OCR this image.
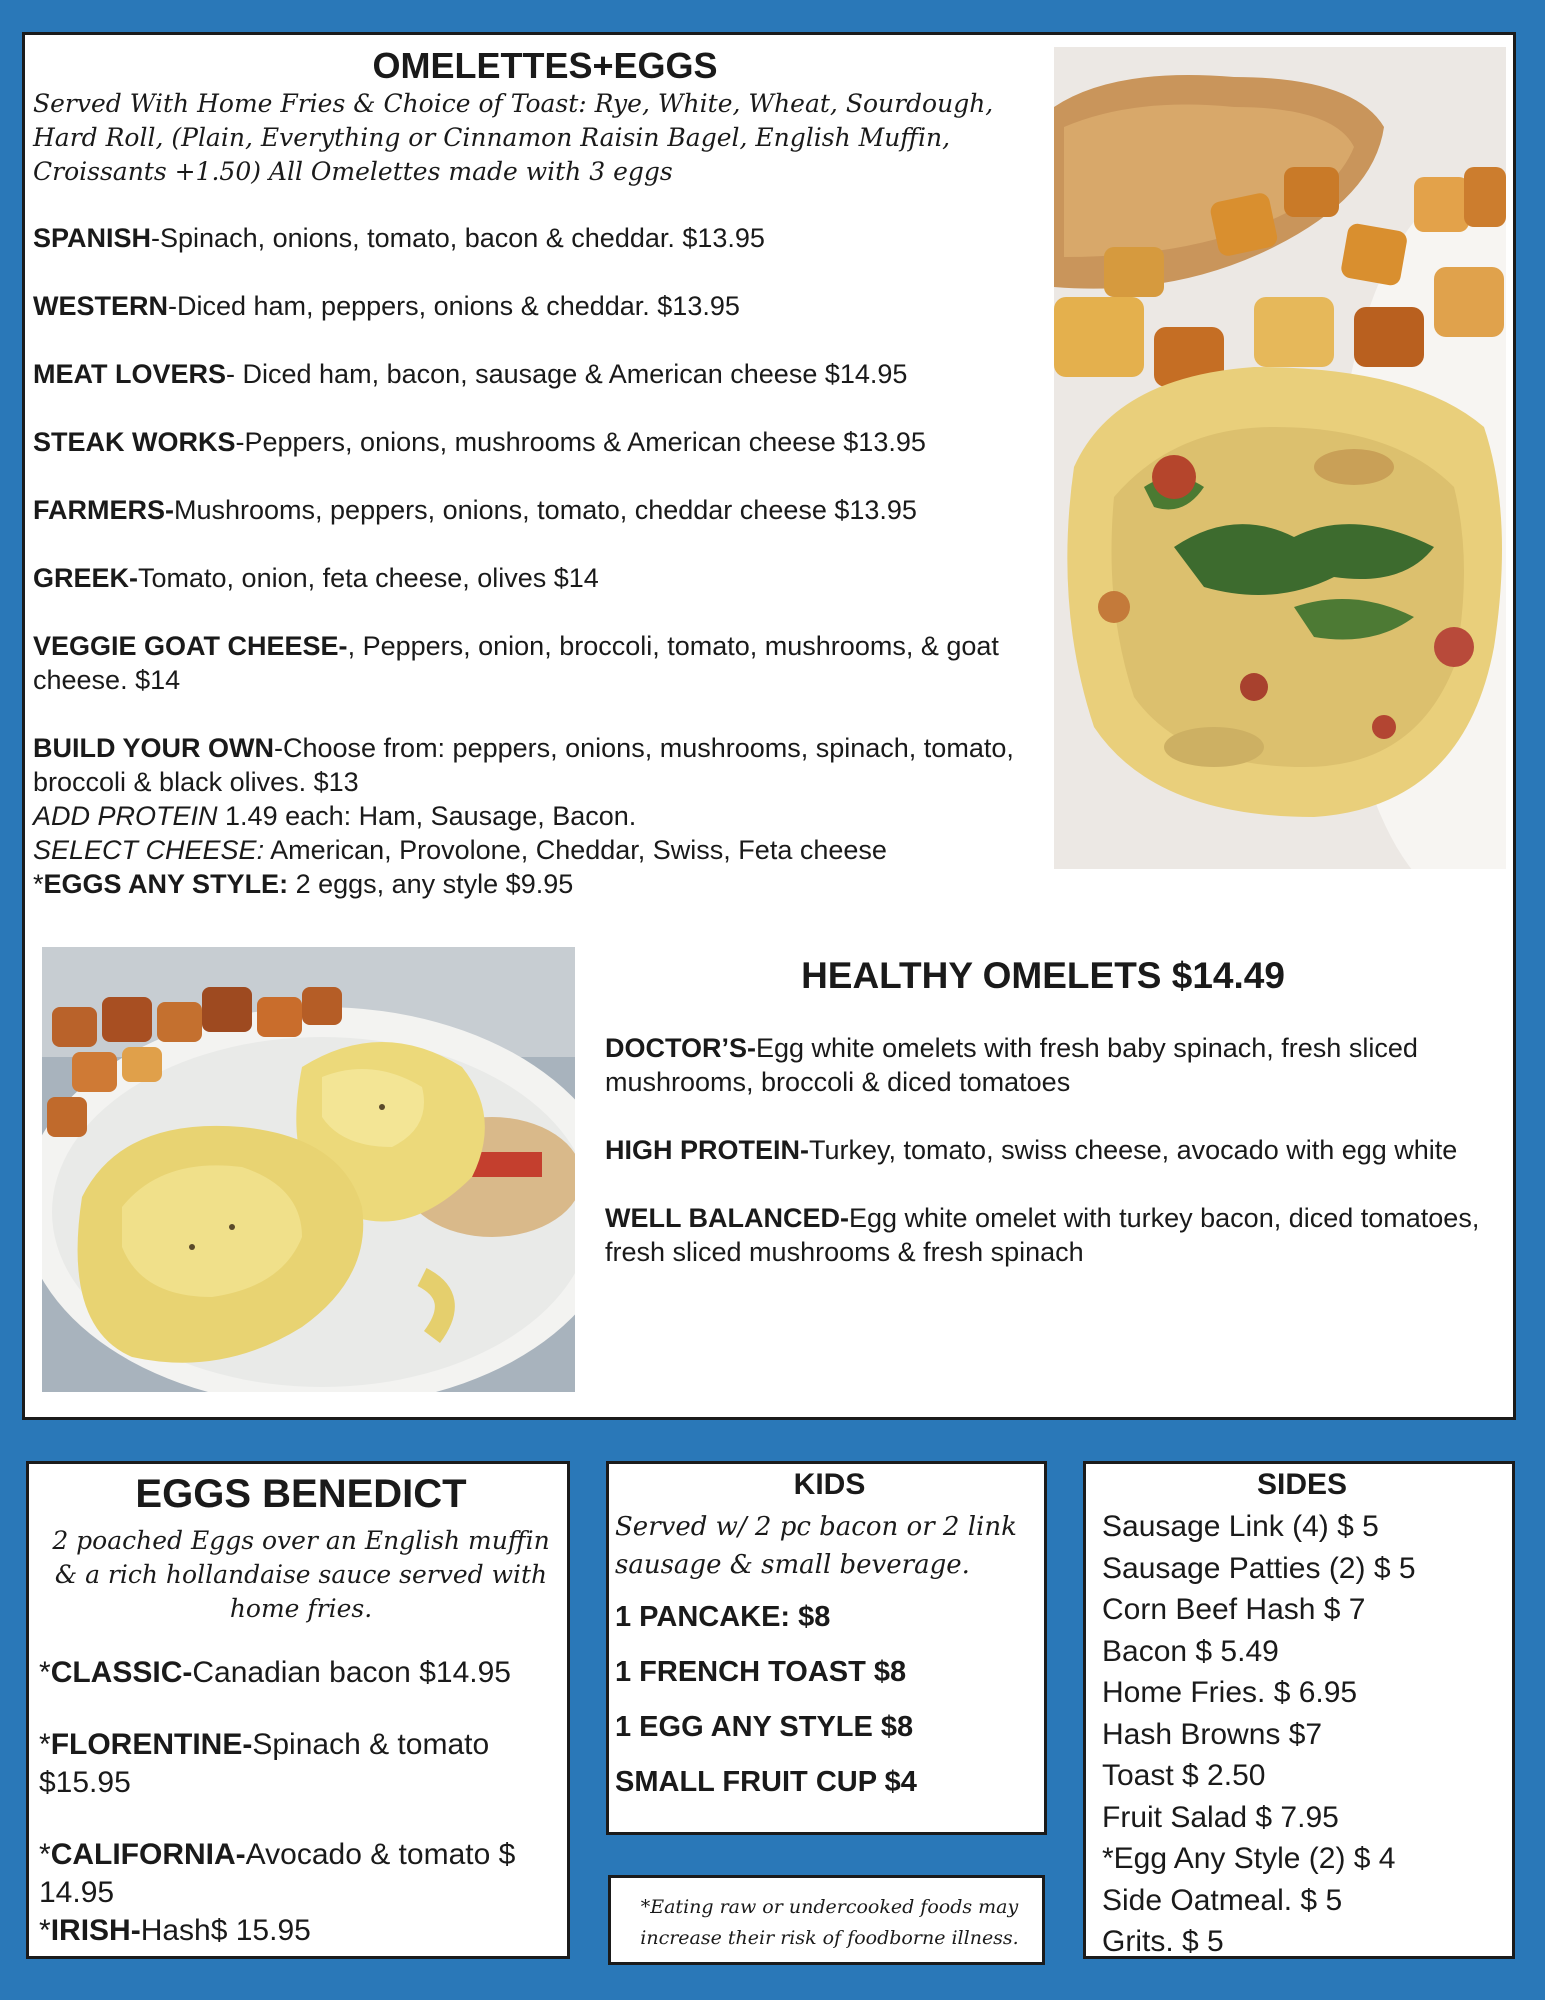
OMELETTES+EGGS
Served With Home Fries & Choice of Toast: Rye, White, Wheat, Sourdough, Hard Roll, (Plain, Everything or Cinnamon Raisin Bagel, English Muffin, Croissants +1.50) All Omelettes made with 3 eggs
SPANISH-Spinach, onions, tomato, bacon & cheddar. $13.95
WESTERN-Diced ham, peppers, onions & cheddar. $13.95
MEAT LOVERS- Diced ham, bacon, sausage & American cheese $14.95
STEAK WORKS-Peppers, onions, mushrooms & American cheese $13.95
FARMERS-Mushrooms, peppers, onions, tomato, cheddar cheese $13.95
GREEK-Tomato, onion, feta cheese, olives $14
VEGGIE GOAT CHEESE-, Peppers, onion, broccoli, tomato, mushrooms, & goat cheese. $14
BUILD YOUR OWN-Choose from: peppers, onions, mushrooms, spinach, tomato, broccoli & black olives. $13
ADD PROTEIN 1.49 each: Ham, Sausage, Bacon.
SELECT CHEESE: American, Provolone, Cheddar, Swiss, Feta cheese
*EGGS ANY STYLE: 2 eggs, any style $9.95
HEALTHY OMELETS $14.49
DOCTOR’S-Egg white omelets with fresh baby spinach, fresh sliced mushrooms, broccoli & diced tomatoes
HIGH PROTEIN-Turkey, tomato, swiss cheese, avocado with egg white
WELL BALANCED-Egg white omelet with turkey bacon, diced tomatoes, fresh sliced mushrooms & fresh spinach
EGGS BENEDICT
2 poached Eggs over an English muffin & a rich hollandaise sauce served with home fries.
*CLASSIC-Canadian bacon $14.95
*FLORENTINE-Spinach & tomato $15.95
*CALIFORNIA-Avocado & tomato $ 14.95
*IRISH-Hash$ 15.95
KIDS
Served w/ 2 pc bacon or 2 link sausage & small beverage.
1 PANCAKE: $8
1 FRENCH TOAST $8
1 EGG ANY STYLE $8
SMALL FRUIT CUP $4
*Eating raw or undercooked foods may increase their risk of foodborne illness.
SIDES
Sausage Link (4) $ 5
Sausage Patties (2) $ 5
Corn Beef Hash $ 7
Bacon $ 5.49
Home Fries. $ 6.95
Hash Browns $7
Toast $ 2.50
Fruit Salad $ 7.95
*Egg Any Style (2) $ 4
Side Oatmeal. $ 5
Grits. $ 5
